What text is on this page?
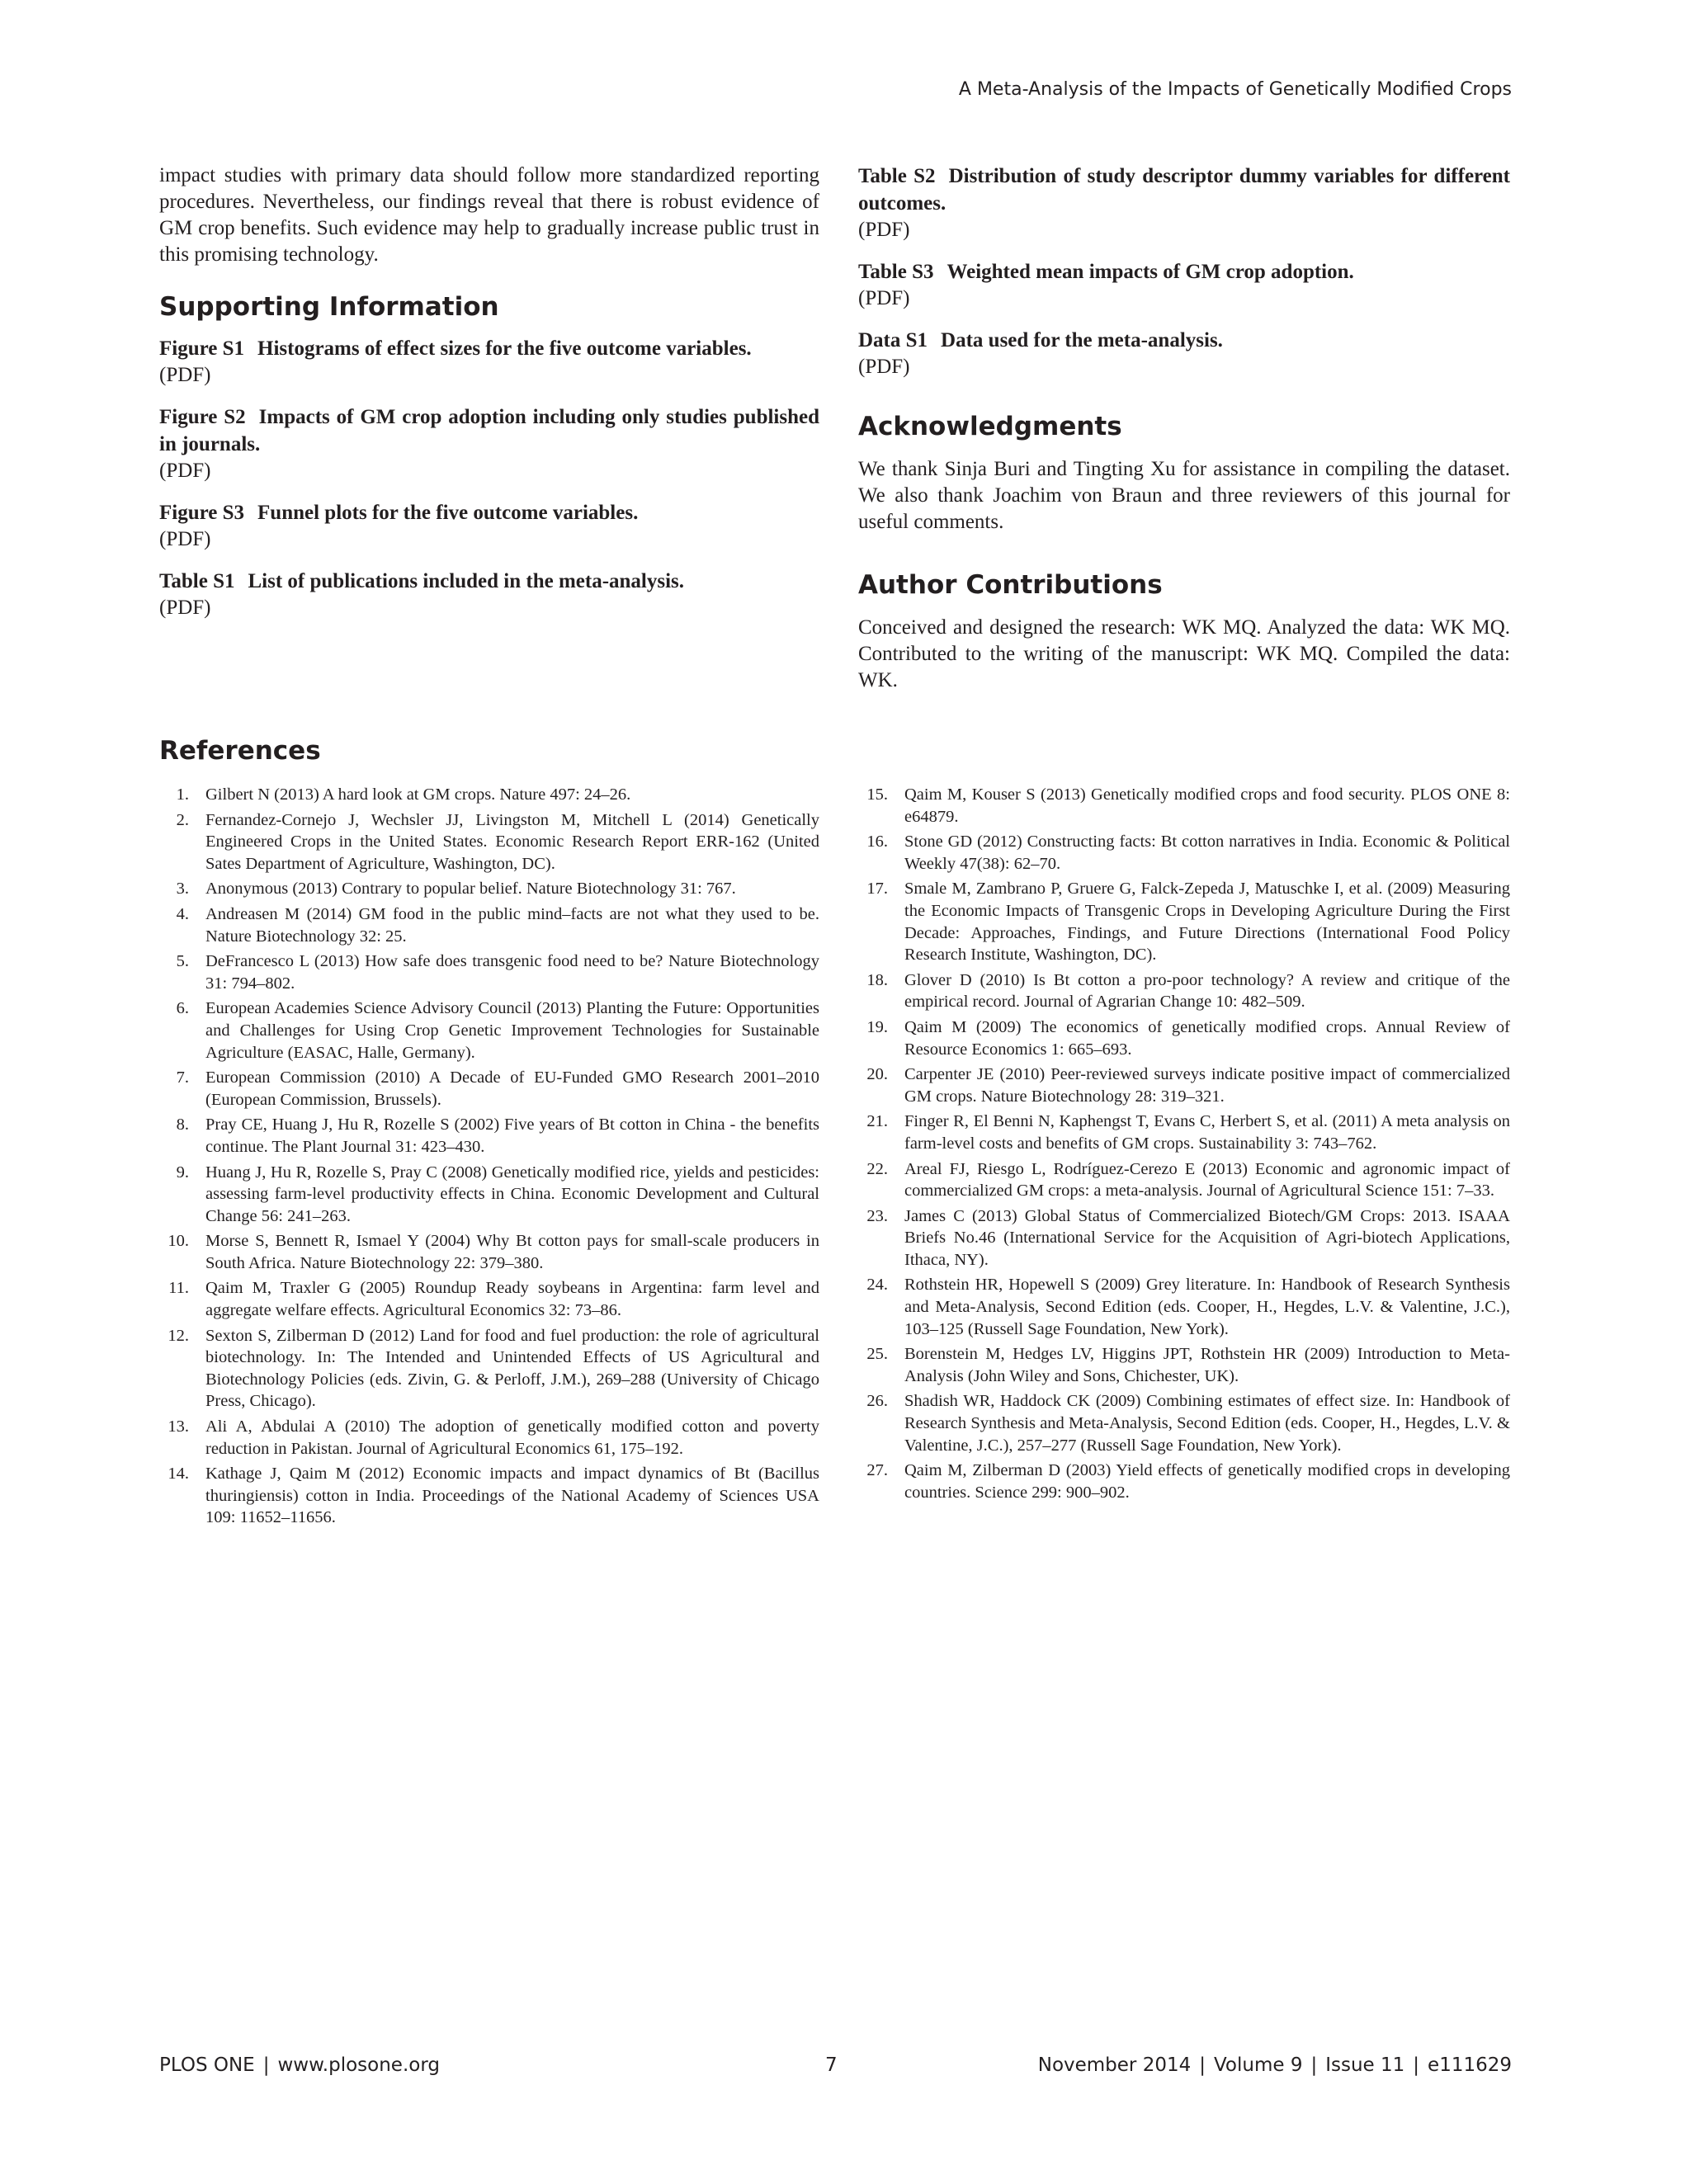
A Meta-Analysis of the Impacts of Genetically Modified Crops

impact studies with primary data should follow more standardized reporting procedures. Nevertheless, our findings reveal that there is robust evidence of GM crop benefits. Such evidence may help to gradually increase public trust in this promising technology.

Supporting Information

Figure S1 Histograms of effect sizes for the five outcome variables.

(PDF)

Figure S2 Impacts of GM crop adoption including only studies published in journals.

(PDF)

Figure S3 Funnel plots for the five outcome variables.

(PDF)

Table S1 List of publications included in the meta-analysis.

(PDF)

Table S2 Distribution of study descriptor dummy variables for different outcomes.

(PDF)

Table S3 Weighted mean impacts of GM crop adoption.

(PDF)

Data S1 Data used for the meta-analysis.

(PDF)

Acknowledgments

We thank Sinja Buri and Tingting Xu for assistance in compiling the dataset. We also thank Joachim von Braun and three reviewers of this journal for useful comments.

Author Contributions

Conceived and designed the research: WK MQ. Analyzed the data: WK MQ. Contributed to the writing of the manuscript: WK MQ. Compiled the data: WK.

References

1. Gilbert N (2013) A hard look at GM crops. Nature 497: 24–26.

2. Fernandez-Cornejo J, Wechsler JJ, Livingston M, Mitchell L (2014) Genetically Engineered Crops in the United States. Economic Research Report ERR-162 (United Sates Department of Agriculture, Washington, DC).

3. Anonymous (2013) Contrary to popular belief. Nature Biotechnology 31: 767.

4. Andreasen M (2014) GM food in the public mind–facts are not what they used to be. Nature Biotechnology 32: 25.

5. DeFrancesco L (2013) How safe does transgenic food need to be? Nature Biotechnology 31: 794–802.

6. European Academies Science Advisory Council (2013) Planting the Future: Opportunities and Challenges for Using Crop Genetic Improvement Technologies for Sustainable Agriculture (EASAC, Halle, Germany).

7. European Commission (2010) A Decade of EU-Funded GMO Research 2001–2010 (European Commission, Brussels).

8. Pray CE, Huang J, Hu R, Rozelle S (2002) Five years of Bt cotton in China - the benefits continue. The Plant Journal 31: 423–430.

9. Huang J, Hu R, Rozelle S, Pray C (2008) Genetically modified rice, yields and pesticides: assessing farm-level productivity effects in China. Economic Development and Cultural Change 56: 241–263.

10. Morse S, Bennett R, Ismael Y (2004) Why Bt cotton pays for small-scale producers in South Africa. Nature Biotechnology 22: 379–380.

11. Qaim M, Traxler G (2005) Roundup Ready soybeans in Argentina: farm level and aggregate welfare effects. Agricultural Economics 32: 73–86.

12. Sexton S, Zilberman D (2012) Land for food and fuel production: the role of agricultural biotechnology. In: The Intended and Unintended Effects of US Agricultural and Biotechnology Policies (eds. Zivin, G. & Perloff, J.M.), 269–288 (University of Chicago Press, Chicago).

13. Ali A, Abdulai A (2010) The adoption of genetically modified cotton and poverty reduction in Pakistan. Journal of Agricultural Economics 61, 175–192.

14. Kathage J, Qaim M (2012) Economic impacts and impact dynamics of Bt (Bacillus thuringiensis) cotton in India. Proceedings of the National Academy of Sciences USA 109: 11652–11656.

15. Qaim M, Kouser S (2013) Genetically modified crops and food security. PLOS ONE 8: e64879.

16. Stone GD (2012) Constructing facts: Bt cotton narratives in India. Economic & Political Weekly 47(38): 62–70.

17. Smale M, Zambrano P, Gruere G, Falck-Zepeda J, Matuschke I, et al. (2009) Measuring the Economic Impacts of Transgenic Crops in Developing Agriculture During the First Decade: Approaches, Findings, and Future Directions (International Food Policy Research Institute, Washington, DC).

18. Glover D (2010) Is Bt cotton a pro-poor technology? A review and critique of the empirical record. Journal of Agrarian Change 10: 482–509.

19. Qaim M (2009) The economics of genetically modified crops. Annual Review of Resource Economics 1: 665–693.

20. Carpenter JE (2010) Peer-reviewed surveys indicate positive impact of commercialized GM crops. Nature Biotechnology 28: 319–321.

21. Finger R, El Benni N, Kaphengst T, Evans C, Herbert S, et al. (2011) A meta analysis on farm-level costs and benefits of GM crops. Sustainability 3: 743–762.

22. Areal FJ, Riesgo L, Rodríguez-Cerezo E (2013) Economic and agronomic impact of commercialized GM crops: a meta-analysis. Journal of Agricultural Science 151: 7–33.

23. James C (2013) Global Status of Commercialized Biotech/GM Crops: 2013. ISAAA Briefs No.46 (International Service for the Acquisition of Agri-biotech Applications, Ithaca, NY).

24. Rothstein HR, Hopewell S (2009) Grey literature. In: Handbook of Research Synthesis and Meta-Analysis, Second Edition (eds. Cooper, H., Hegdes, L.V. & Valentine, J.C.), 103–125 (Russell Sage Foundation, New York).

25. Borenstein M, Hedges LV, Higgins JPT, Rothstein HR (2009) Introduction to Meta-Analysis (John Wiley and Sons, Chichester, UK).

26. Shadish WR, Haddock CK (2009) Combining estimates of effect size. In: Handbook of Research Synthesis and Meta-Analysis, Second Edition (eds. Cooper, H., Hegdes, L.V. & Valentine, J.C.), 257–277 (Russell Sage Foundation, New York).

27. Qaim M, Zilberman D (2003) Yield effects of genetically modified crops in developing countries. Science 299: 900–902.

PLOS ONE | www.plosone.org	7	November 2014 | Volume 9 | Issue 11 | e111629
